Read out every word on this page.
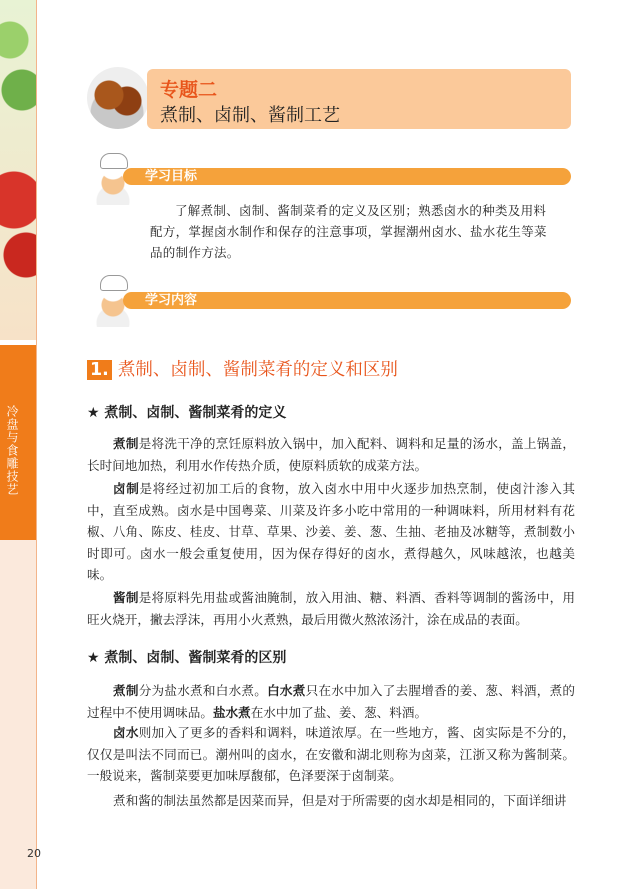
冷盘与食雕技艺
专题二
煮制、卤制、酱制工艺
学习目标
了解煮制、卤制、酱制菜肴的定义及区别；熟悉卤水的种类及用料配方，掌握卤水制作和保存的注意事项，掌握潮州卤水、盐水花生等菜品的制作方法。
学习内容
1. 煮制、卤制、酱制菜肴的定义和区别
★ 煮制、卤制、酱制菜肴的定义
煮制是将洗干净的烹饪原料放入锅中，加入配料、调料和足量的汤水，盖上锅盖，长时间地加热，利用水作传热介质，使原料质软的成菜方法。
卤制是将经过初加工后的食物，放入卤水中用中火逐步加热烹制，使卤汁渗入其中，直至成熟。卤水是中国粤菜、川菜及许多小吃中常用的一种调味料，所用材料有花椒、八角、陈皮、桂皮、甘草、草果、沙姜、姜、葱、生抽、老抽及冰糖等，煮制数小时即可。卤水一般会重复使用，因为保存得好的卤水，煮得越久，风味越浓，也越美味。
酱制是将原料先用盐或酱油腌制，放入用油、糖、料酒、香料等调制的酱汤中，用旺火烧开，撇去浮沫，再用小火煮熟，最后用微火熬浓汤汁，涂在成品的表面。
★ 煮制、卤制、酱制菜肴的区别
煮制分为盐水煮和白水煮。白水煮只在水中加入了去腥增香的姜、葱、料酒，煮的过程中不使用调味品。盐水煮在水中加了盐、姜、葱、料酒。
卤水则加入了更多的香料和调料，味道浓厚。在一些地方，酱、卤实际是不分的，仅仅是叫法不同而已。潮州叫的卤水，在安徽和湖北则称为卤菜，江浙又称为酱制菜。一般说来，酱制菜要更加味厚馥郁，色泽要深于卤制菜。
煮和酱的制法虽然都是因菜而异，但是对于所需要的卤水却是相同的，下面详细讲
20
